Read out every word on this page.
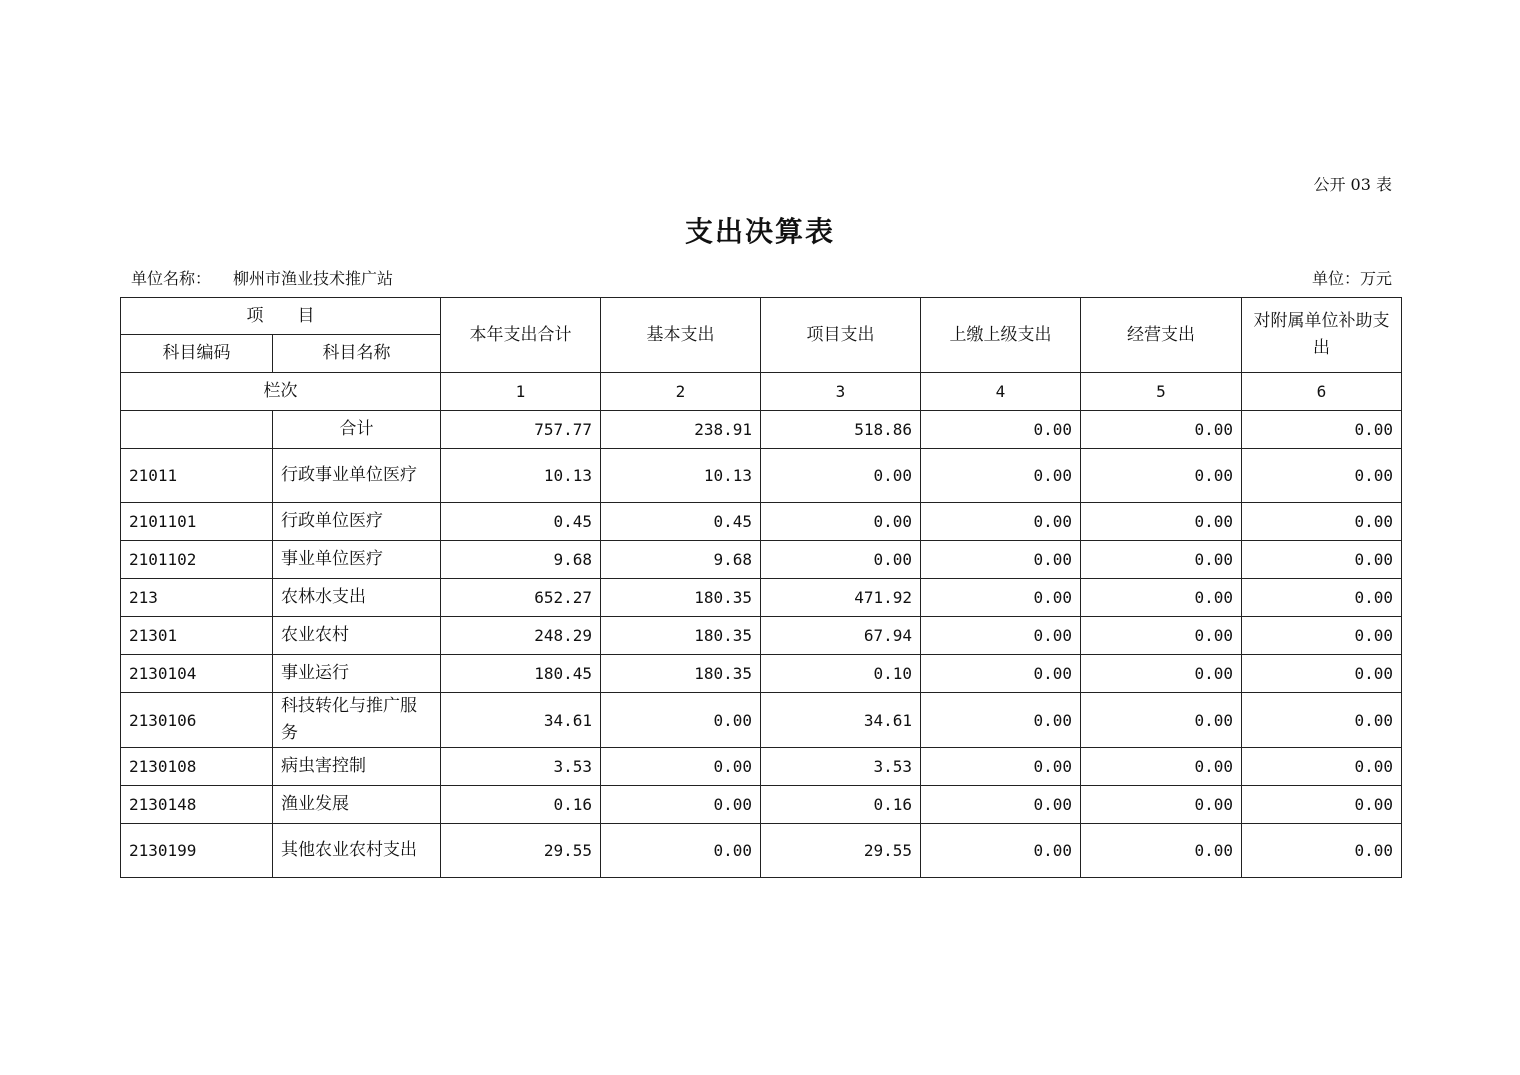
公开 03 表
支出决算表
单位名称： 柳州市渔业技术推广站	单位：万元
项　　目		本年支出合计	基本支出	项目支出	上缴上级支出	经营支出	对附属单位补助支出
科目编码	科目名称						
栏次		1	2	3	4	5	6
	合计	757.77	238.91	518.86	0.00	0.00	0.00
21011	行政事业单位医疗	10.13	10.13	0.00	0.00	0.00	0.00
2101101	行政单位医疗	0.45	0.45	0.00	0.00	0.00	0.00
2101102	事业单位医疗	9.68	9.68	0.00	0.00	0.00	0.00
213	农林水支出	652.27	180.35	471.92	0.00	0.00	0.00
21301	农业农村	248.29	180.35	67.94	0.00	0.00	0.00
2130104	事业运行	180.45	180.35	0.10	0.00	0.00	0.00
2130106	科技转化与推广服务	34.61	0.00	34.61	0.00	0.00	0.00
2130108	病虫害控制	3.53	0.00	3.53	0.00	0.00	0.00
2130148	渔业发展	0.16	0.00	0.16	0.00	0.00	0.00
2130199	其他农业农村支出	29.55	0.00	29.55	0.00	0.00	0.00
